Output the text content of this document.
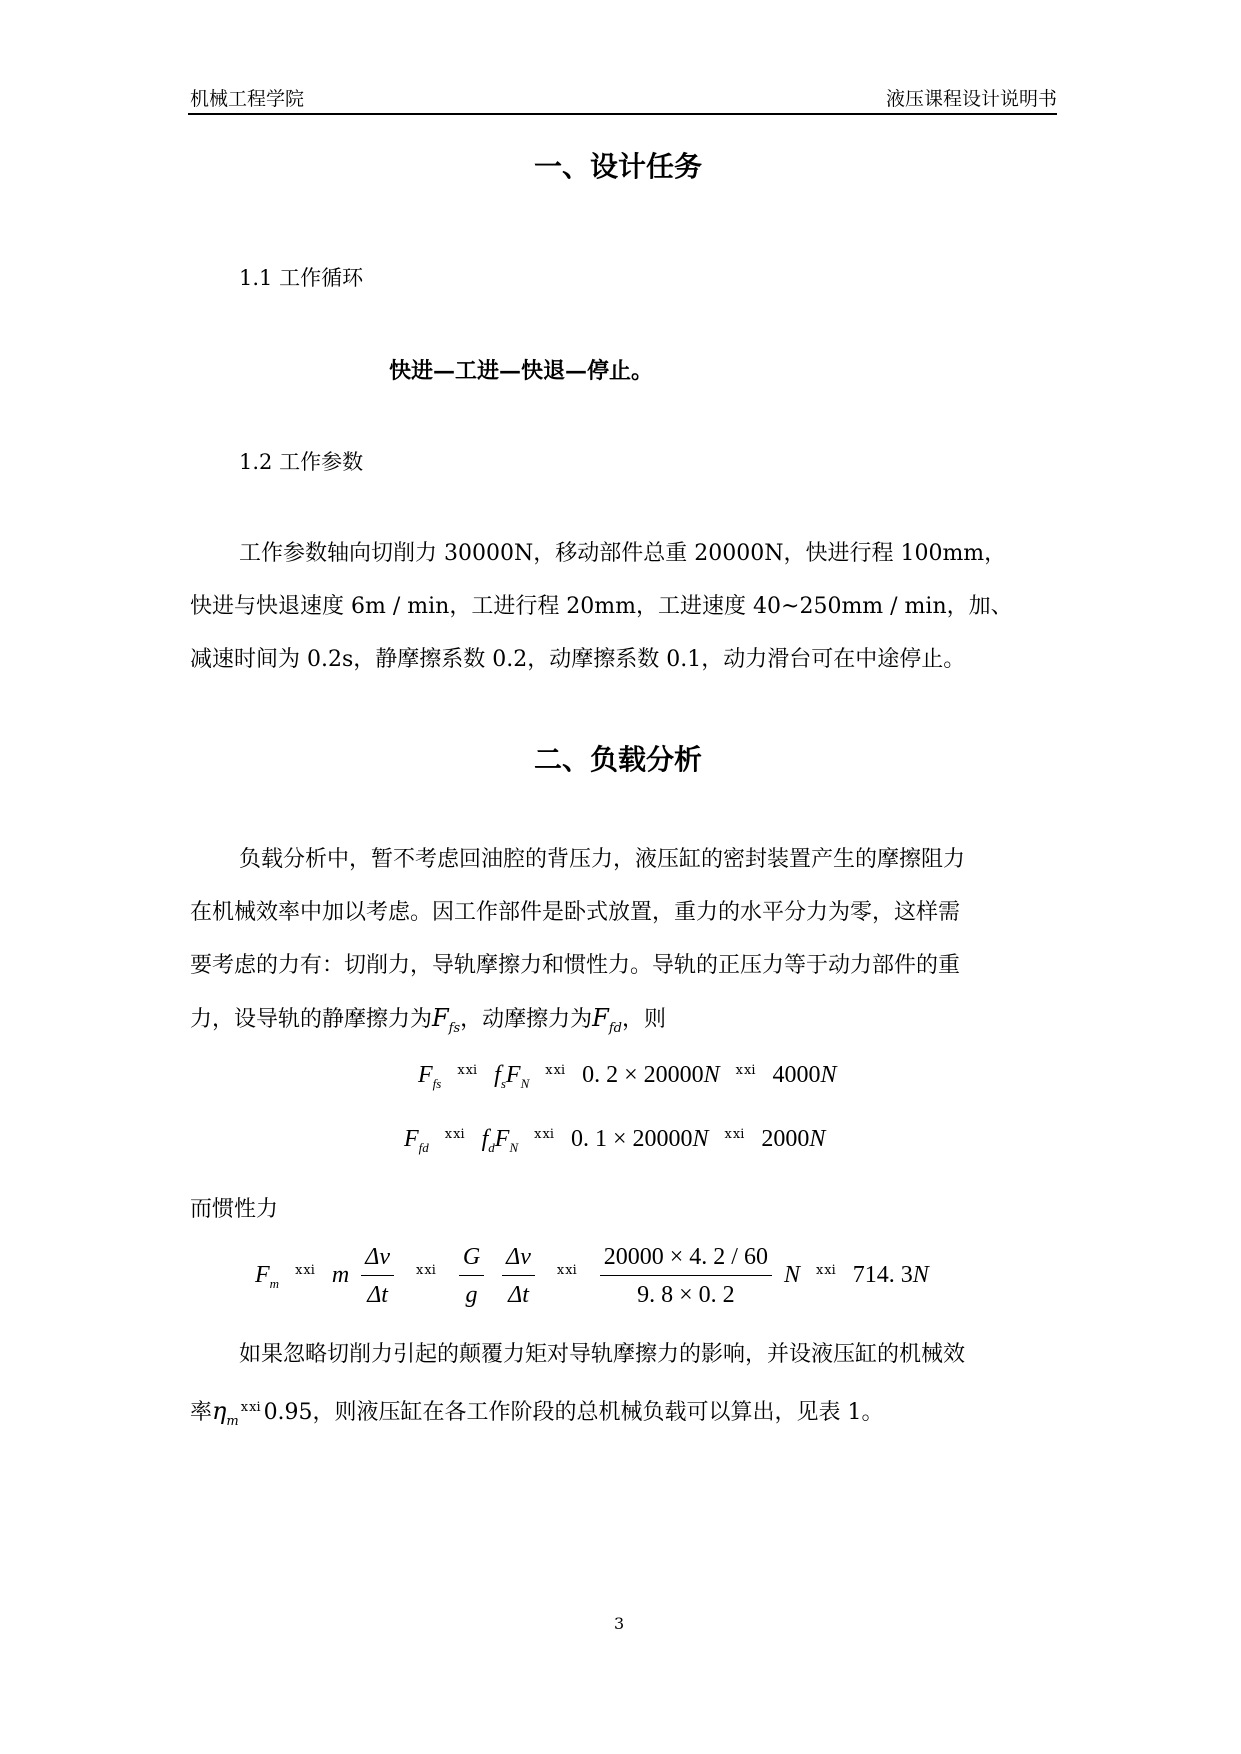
机械工程学院	液压课程设计说明书
一、设计任务
1.1 工作循环
快进—工进—快退—停止。
1.2 工作参数
工作参数轴向切削力 30000N，移动部件总重 20000N，快进行程 100mm，
快进与快退速度 6m / min，工进行程 20mm，工进速度 40~250mm / min，加、
减速时间为 0.2s，静摩擦系数 0.2，动摩擦系数 0.1，动力滑台可在中途停止。
二、负载分析
负载分析中，暂不考虑回油腔的背压力，液压缸的密封装置产生的摩擦阻力
在机械效率中加以考虑。因工作部件是卧式放置，重力的水平分力为零，这样需
要考虑的力有：切削力，导轨摩擦力和惯性力。导轨的正压力等于动力部件的重
力，设导轨的静摩擦力为$F_{fs}$，动摩擦力为$F_{fd}$，则
$F_{fs}$ $^{ⅹⅺ}$ $f_sF_N$ $^{ⅹⅺ}$ 0. 2 × 20000N $^{ⅹⅺ}$ 4000N
$F_{fd}$ $^{ⅹⅺ}$ $f_dF_N$ $^{ⅹⅺ}$ 0. 1 × 20000N $^{ⅹⅺ}$ 2000N
而惯性力
$F_m$ $^{ⅹⅺ}$ m $\frac{\Delta v}{\Delta t} ^{ⅹⅺ} \frac{G}{g}$
$\frac{\Delta v}{\Delta t} ^{ⅹⅺ} \frac{20000 \times 4. 2 / 60}{9. 8 \times 0. 2}$ N $^{ⅹⅺ}$ 714. 3N
如果忽略切削力引起的颠覆力矩对导轨摩擦力的影响，并设液压缸的机械效
率$\eta_m^{ⅹⅺ}0.95$，则液压缸在各工作阶段的总机械负载可以算出，见表 1。
3
